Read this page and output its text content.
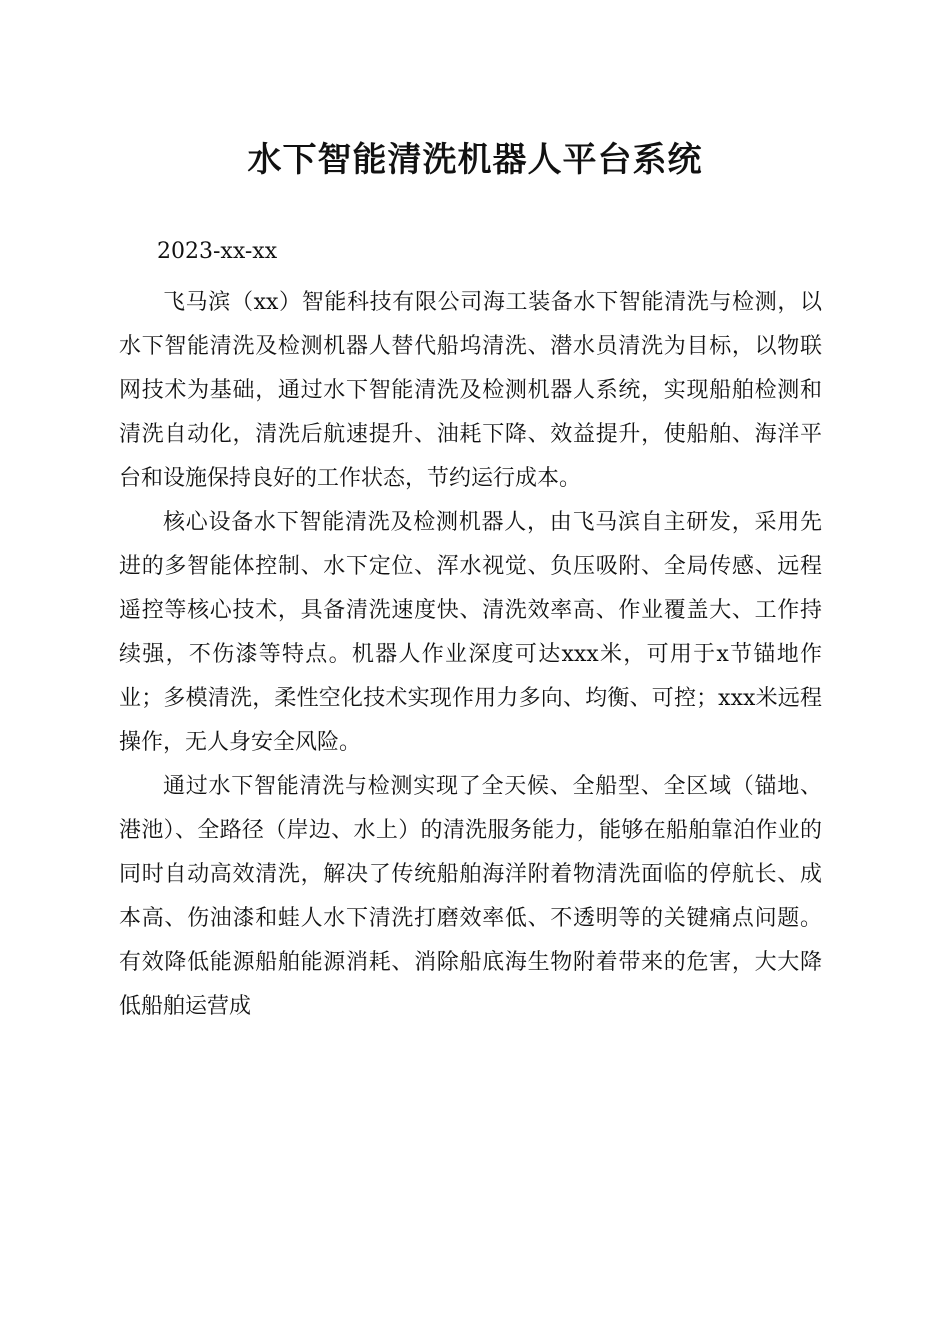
水下智能清洗机器人平台系统
2023-xx-xx

飞马滨（xx）智能科技有限公司海工装备水下智能清洗与检测，以水下智能清洗及检测机器人替代船坞清洗、潜水员清洗为目标，以物联网技术为基础，通过水下智能清洗及检测机器人系统，实现船舶检测和清洗自动化，清洗后航速提升、油耗下降、效益提升，使船舶、海洋平台和设施保持良好的工作状态，节约运行成本。

核心设备水下智能清洗及检测机器人，由飞马滨自主研发，采用先进的多智能体控制、水下定位、浑水视觉、负压吸附、全局传感、远程遥控等核心技术，具备清洗速度快、清洗效率高、作业覆盖大、工作持续强，不伤漆等特点。机器人作业深度可达xxx米，可用于x节锚地作业；多模清洗，柔性空化技术实现作用力多向、均衡、可控；xxx米远程操作，无人身安全风险。

通过水下智能清洗与检测实现了全天候、全船型、全区域（锚地、港池）、全路径（岸边、水上）的清洗服务能力，能够在船舶靠泊作业的同时自动高效清洗，解决了传统船舶海洋附着物清洗面临的停航长、成本高、伤油漆和蛙人水下清洗打磨效率低、不透明等的关键痛点问题。有效降低能源船舶能源消耗、消除船底海生物附着带来的危害，大大降低船舶运营成
